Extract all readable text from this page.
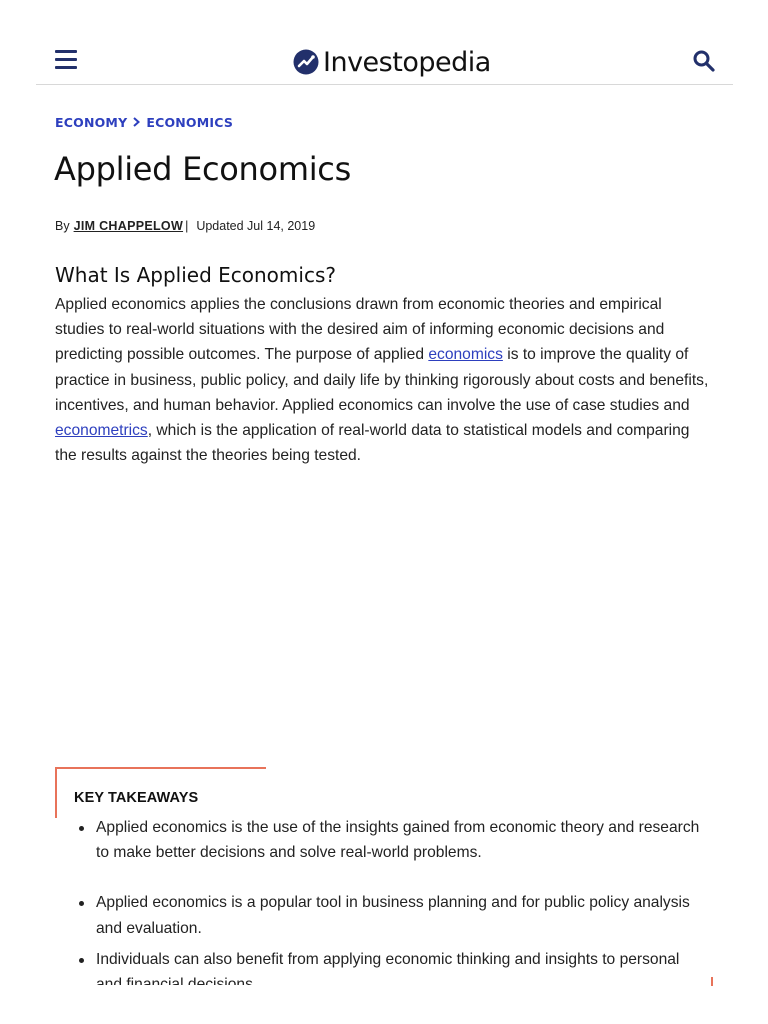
Investopedia
ECONOMY ECONOMICS
Applied Economics
By JIM CHAPPELOW | Updated Jul 14, 2019
What Is Applied Economics?

Applied economics applies the conclusions drawn from economic theories and empirical studies to real-world situations with the desired aim of informing economic decisions and predicting possible outcomes. The purpose of applied economics is to improve the quality of practice in business, public policy, and daily life by thinking rigorously about costs and benefits, incentives, and human behavior. Applied economics can involve the use of case studies and econometrics, which is the application of real-world data to statistical models and comparing the results against the theories being tested.

KEY TAKEAWAYS
Applied economics is the use of the insights gained from economic theory and research to make better decisions and solve real-world problems.
Applied economics is a popular tool in business planning and for public policy analysis and evaluation.
Individuals can also benefit from applying economic thinking and insights to personal
